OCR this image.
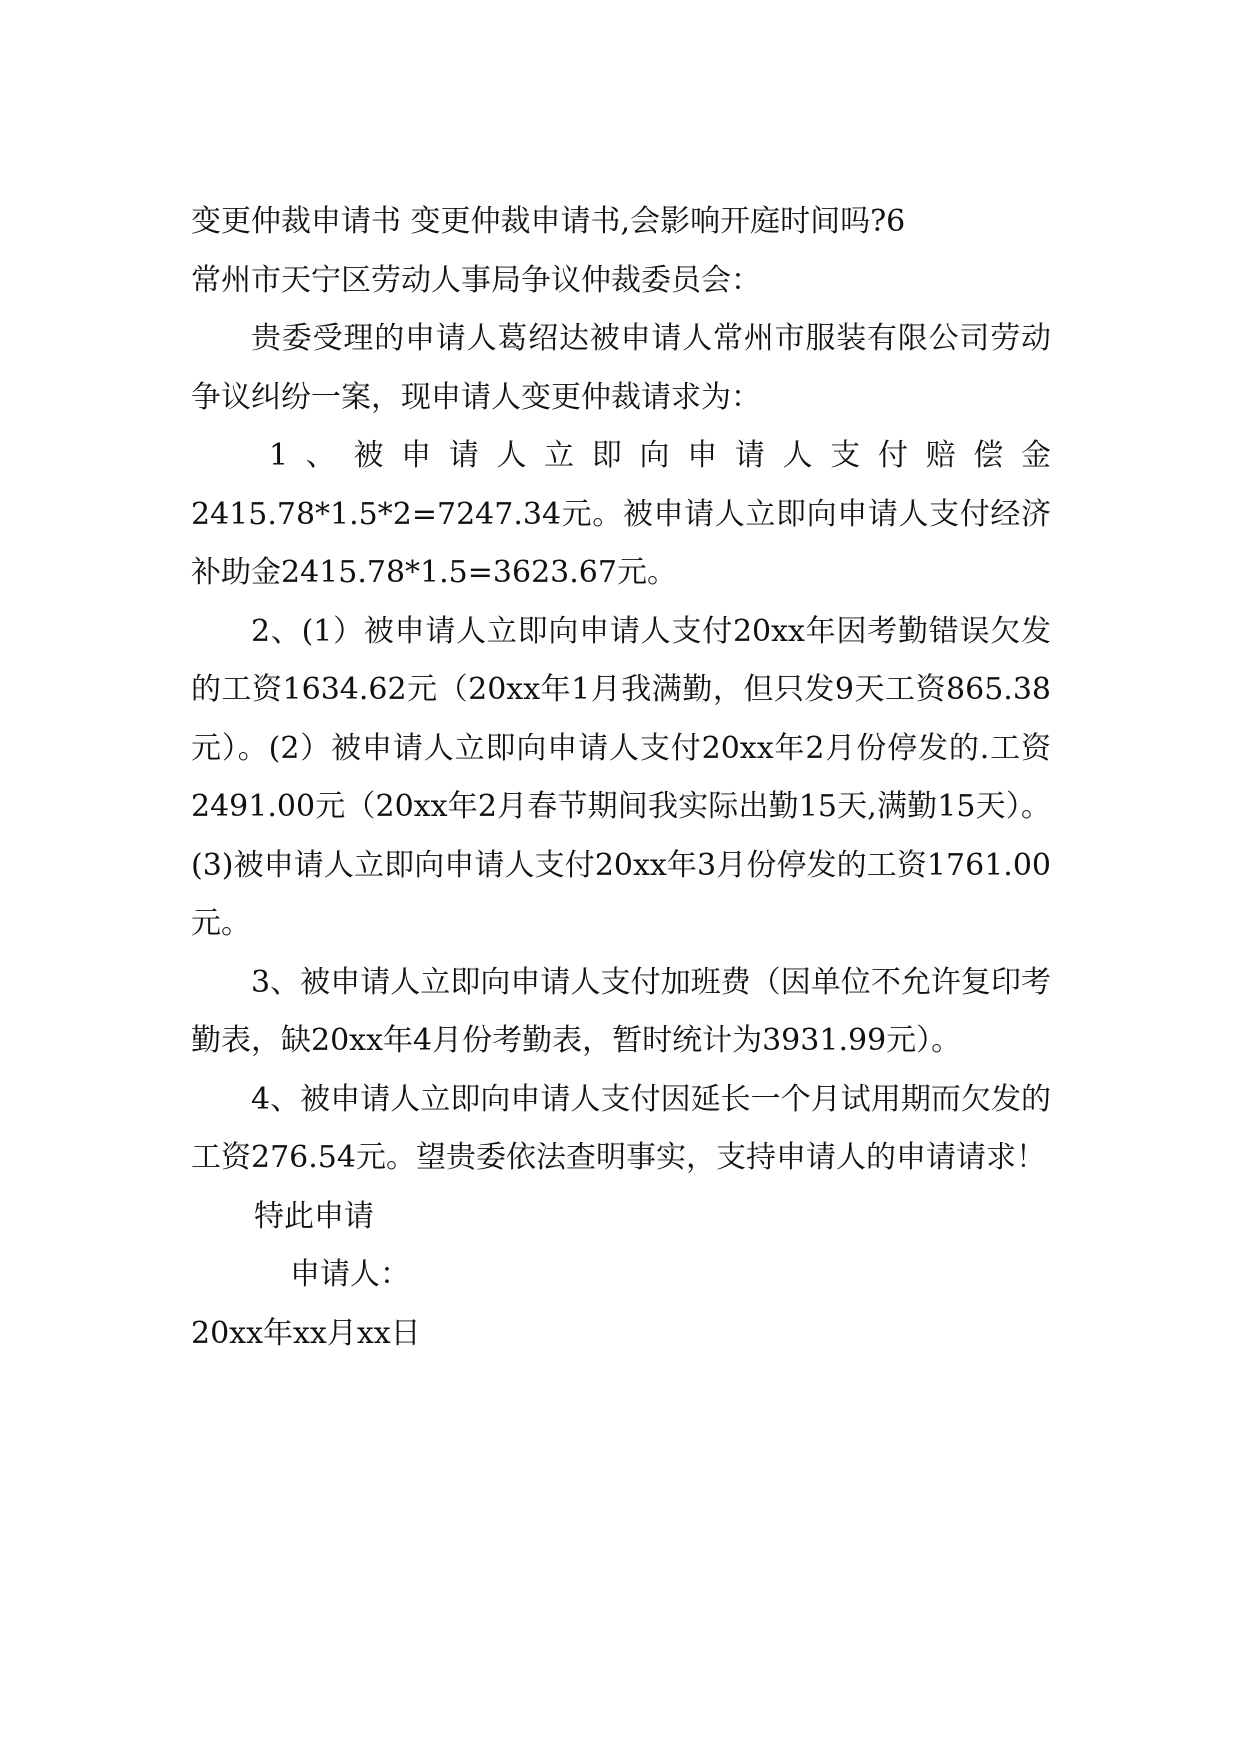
变更仲裁申请书 变更仲裁申请书,会影响开庭时间吗?6

常州市天宁区劳动人事局争议仲裁委员会：

贵委受理的申请人葛绍达被申请人常州市服装有限公司劳动争议纠纷一案，现申请人变更仲裁请求为：

1、被申请人立即向申请人支付赔偿金2415.78*1.5*2=7247.34元。被申请人立即向申请人支付经济补助金2415.78*1.5=3623.67元。

2、(1）被申请人立即向申请人支付20xx年因考勤错误欠发的工资1634.62元（20xx年1月我满勤，但只发9天工资865.38元）。(2）被申请人立即向申请人支付20xx年2月份停发的.工资2491.00元（20xx年2月春节期间我实际出勤15天,满勤15天）。(3)被申请人立即向申请人支付20xx年3月份停发的工资1761.00元。

3、被申请人立即向申请人支付加班费（因单位不允许复印考勤表，缺20xx年4月份考勤表，暂时统计为3931.99元）。

4、被申请人立即向申请人支付因延长一个月试用期而欠发的工资276.54元。望贵委依法查明事实，支持申请人的申请请求！

特此申请

申请人：

20xx年xx月xx日
